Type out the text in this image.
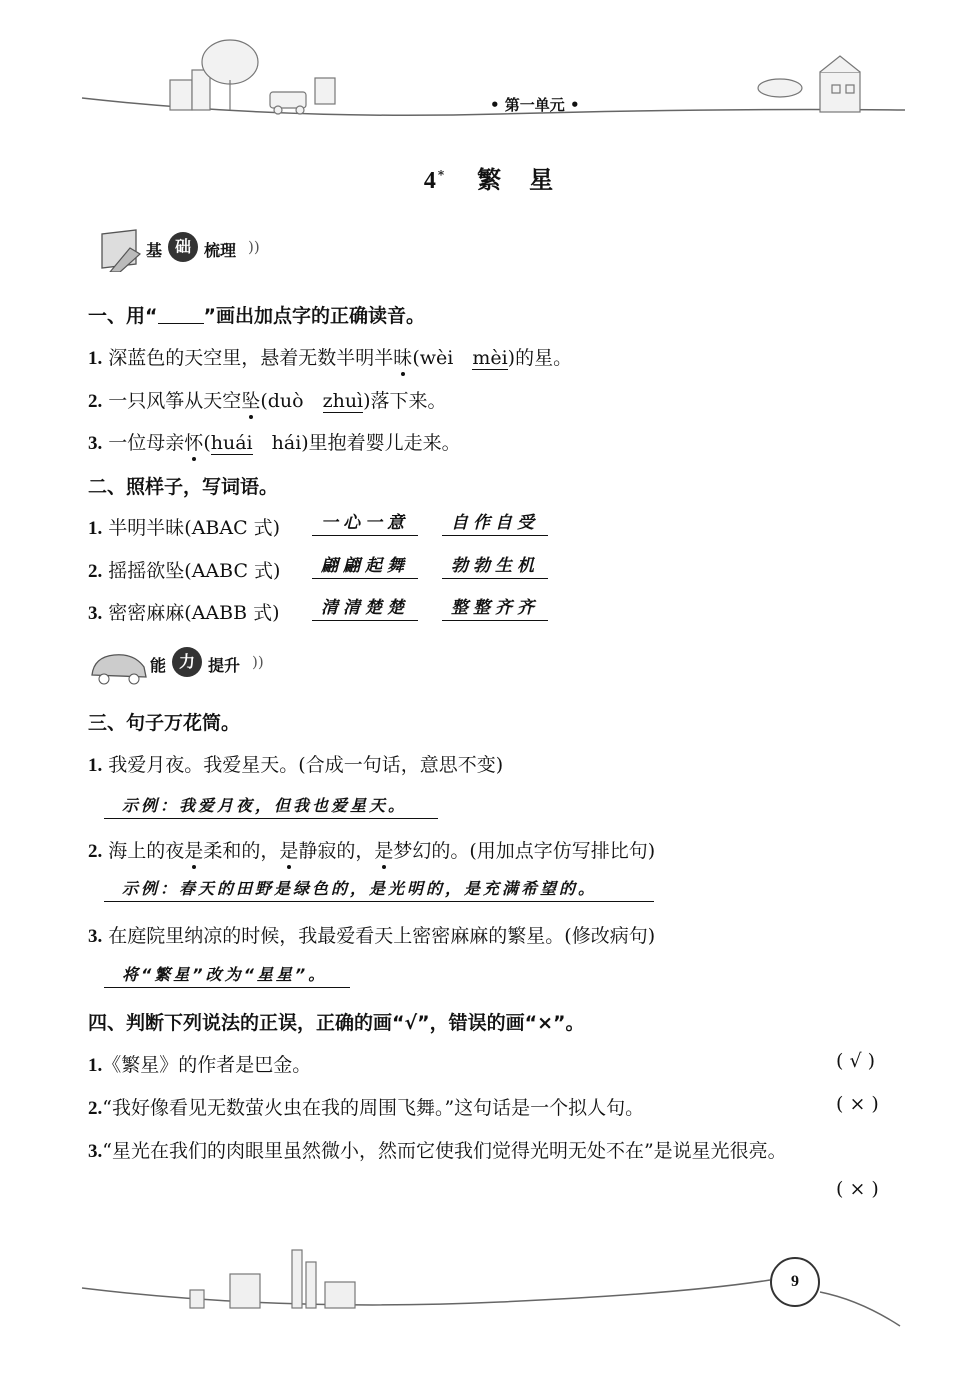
• 第一单元 •
4* 繁　星
基 础 梳理 ))
一、用“ ”画出加点字的正确读音。
1. 深蓝色的天空里，悬着无数半明半昧(wèi　mèi)的星。
2. 一只风筝从天空坠(duò　zhuì)落下来。
3. 一位母亲怀(huái　hái)里抱着婴儿走来。
二、照样子，写词语。
1. 半明半昧(ABAC 式)	一心一意	自作自受
2. 摇摇欲坠(AABC 式)	翩翩起舞	勃勃生机
3. 密密麻麻(AABB 式)	清清楚楚	整整齐齐
能 力 提升 ))
三、句子万花筒。
1. 我爱月夜。我爱星天。(合成一句话，意思不变)
示例：我爱月夜，但我也爱星天。
2. 海上的夜是柔和的，是静寂的，是梦幻的。(用加点字仿写排比句)
示例：春天的田野是绿色的，是光明的，是充满希望的。
3. 在庭院里纳凉的时候，我最爱看天上密密麻麻的繁星。(修改病句)
将“繁星”改为“星星”。
四、判断下列说法的正误，正确的画“√”，错误的画“×”。
1.《繁星》的作者是巴金。	( √ )
2.“我好像看见无数萤火虫在我的周围飞舞。”这句话是一个拟人句。	( × )
3.“星光在我们的肉眼里虽然微小，然而它使我们觉得光明无处不在”是说星光很亮。
( × )
9
